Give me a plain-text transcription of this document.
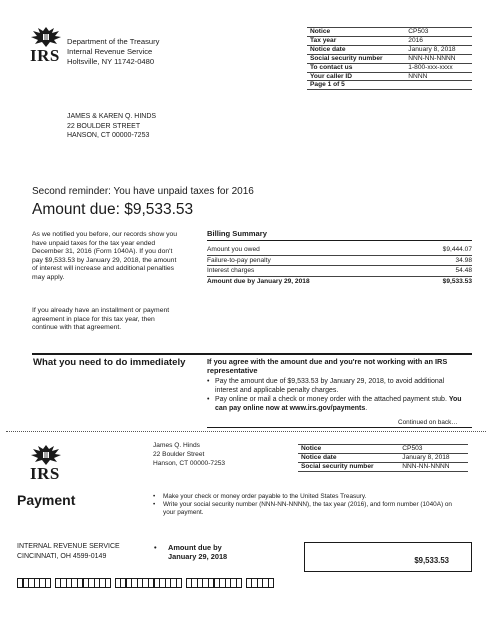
IRS
Department of the Treasury
Internal Revenue Service
Holtsville, NY 11742-0480
Notice	CP503
Tax year	2016
Notice date	January 8, 2018
Social security number	NNN-NN-NNNN
To contact us	1-800-xxx-xxxx
Your caller ID	NNNN
Page 1 of 5	
JAMES & KAREN Q. HINDS
22 BOULDER STREET
HANSON, CT 00000-7253
Second reminder: You have unpaid taxes for 2016
Amount due: $9,533.53
As we notified you before, our records show you have unpaid taxes for the tax year ended December 31, 2016 (Form 1040A). If you don't pay $9,533.53 by January 29, 2018, the amount of interest will increase and additional penalties may apply.
If you already have an installment or payment agreement in place for this tax year, then continue with that agreement.
Billing Summary
Amount you owed	$9,444.07
Failure-to-pay penalty	34.98
Interest charges	54.48
Amount due by January 29, 2018	$9,533.53
What you need to do immediately	If you agree with the amount due and you're not working with an IRS representative
• Pay the amount due of $9,533.53 by January 29, 2018, to avoid additional interest and applicable penalty charges.
• Pay online or mail a check or money order with the attached payment stub. You can pay online now at www.irs.gov/payments.
Continued on back…
IRS
Payment
James Q. Hinds
22 Boulder Street
Hanson, CT 00000-7253
Notice	CP503
Notice date	January 8, 2018
Social security number	NNN-NN-NNNN
• Make your check or money order payable to the United States Treasury.
• Write your social security number (NNN-NN-NNNN), the tax year (2016), and form number (1040A) on your payment.
INTERNAL REVENUE SERVICE
CINCINNATI, OH 4599-0149
•	Amount due by
January 29, 2018	$9,533.53
